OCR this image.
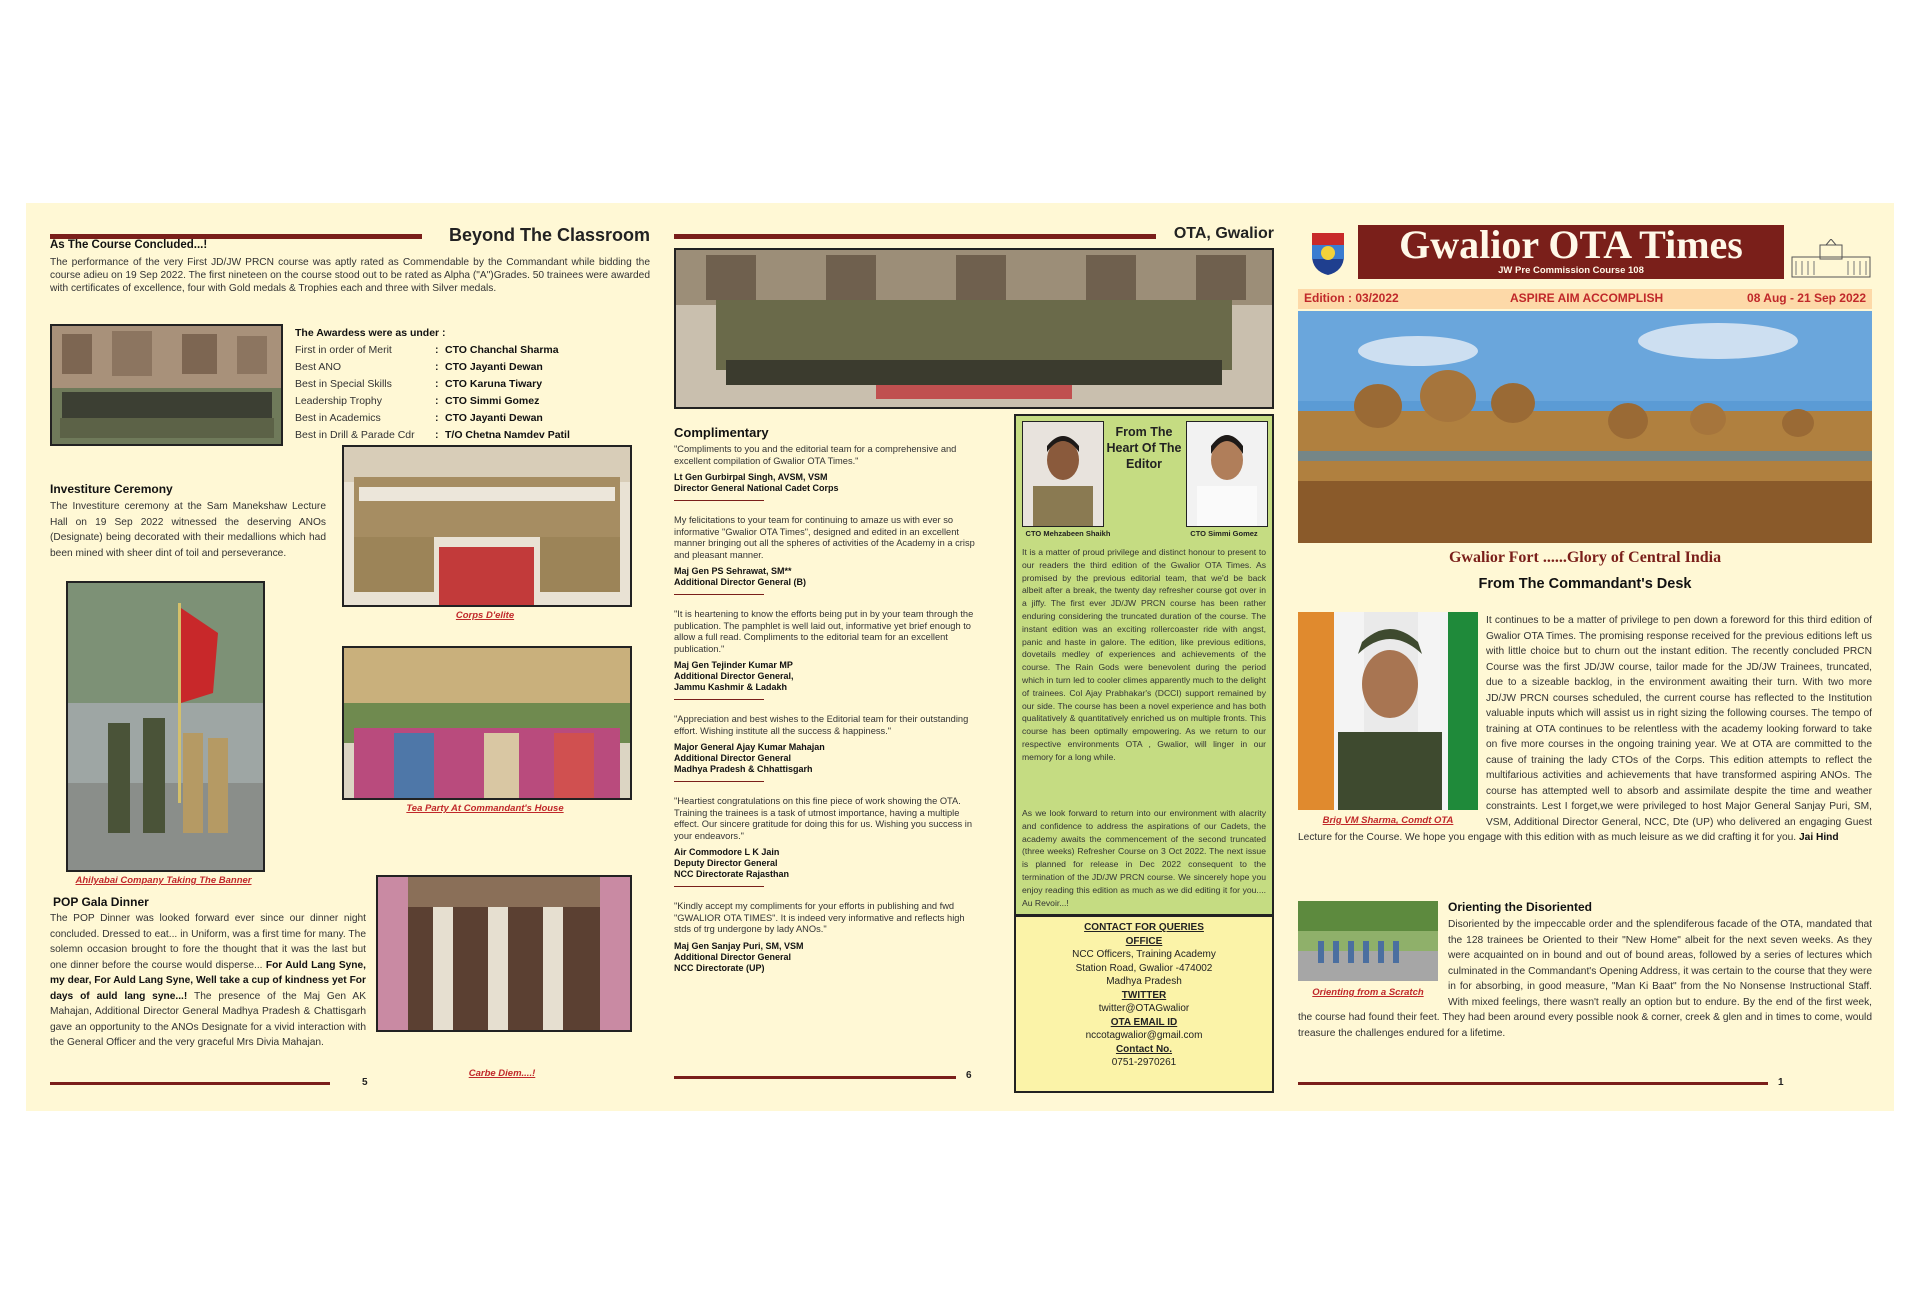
Beyond The Classroom
As The Course Concluded...!
The performance of the very First JD/JW PRCN course was aptly rated as Commendable by the Commandant while bidding the course adieu on 19 Sep 2022. The first nineteen on the course stood out to be rated as Alpha ("A")Grades. 50 trainees were awarded with certificates of excellence, four with Gold medals & Trophies each and three with Silver medals.
The Awardess were as under :
First in order of Merit	: CTO Chanchal Sharma
Best ANO	: CTO Jayanti Dewan
Best in Special Skills	: CTO Karuna Tiwary
Leadership Trophy	: CTO Simmi Gomez
Best in Academics	: CTO Jayanti Dewan
Best in Drill & Parade Cdr	: T/O Chetna Namdev Patil
Corps D'elite
Investiture Ceremony
The Investiture ceremony at the Sam Manekshaw Lecture Hall on 19 Sep 2022 witnessed the deserving ANOs (Designate) being decorated with their medallions which had been mined with sheer dint of toil and perseverance.
Ahilyabai Company Taking The Banner
Tea Party At Commandant's House
POP Gala Dinner
The POP Dinner was looked forward ever since our dinner night concluded. Dressed to eat... in Uniform, was a first time for many. The solemn occasion brought to fore the thought that it was the last but one dinner before the course would disperse... For Auld Lang Syne, my dear, For Auld Lang Syne, Well take a cup of kindness yet For days of auld lang syne...! The presence of the Maj Gen AK Mahajan, Additional Director General Madhya Pradesh & Chattisgarh gave an opportunity to the ANOs Designate for a vivid interaction with the General Officer and the very graceful Mrs Divia Mahajan.
Carbe Diem....!
5
OTA, Gwalior
Complimentary
"Compliments to you and the editorial team for a comprehensive and excellent compilation of Gwalior OTA Times."
Lt Gen Gurbirpal Singh, AVSM, VSM
Director General National Cadet Corps
My felicitations to your team for continuing to amaze us with ever so informative "Gwalior OTA Times", designed and edited in an excellent manner bringing out all the spheres of activities of the Academy in a crisp and pleasant manner.
Maj Gen PS Sehrawat, SM**
Additional Director General (B)
"It is heartening to know the efforts being put in by your team through the publication. The pamphlet is well laid out, informative yet brief enough to allow a full read. Compliments to the editorial team for an excellent publication."
Maj Gen Tejinder Kumar MP
Additional Director General,
Jammu Kashmir & Ladakh
"Appreciation and best wishes to the Editorial team for their outstanding effort. Wishing institute all the success & happiness."
Major General Ajay Kumar Mahajan
Additional Director General
Madhya Pradesh & Chhattisgarh
"Heartiest congratulations on this fine piece of work showing the OTA. Training the trainees is a task of utmost importance, having a multiple effect. Our sincere gratitude for doing this for us. Wishing you success in your endeavors."
Air Commodore L K Jain
Deputy Director General
NCC Directorate Rajasthan
"Kindly accept my compliments for your efforts in publishing and fwd "GWALIOR OTA TIMES". It is indeed very informative and reflects high stds of trg undergone by lady ANOs."
Maj Gen Sanjay Puri, SM, VSM
Additional Director General
NCC Directorate (UP)
From The Heart Of The Editor
CTO Mehzabeen Shaikh	CTO Simmi Gomez
It is a matter of proud privilege and distinct honour to present to our readers the third edition of the Gwalior OTA Times. As promised by the previous editorial team, that we'd be back albeit after a break, the twenty day refresher course got over in a jiffy. The first ever JD/JW PRCN course has been rather enduring considering the truncated duration of the course. The instant edition was an exciting rollercoaster ride with angst, panic and haste in galore. The edition, like previous editions, dovetails medley of experiences and achievements of the course. The Rain Gods were benevolent during the period which in turn led to cooler climes apparently much to the delight of trainees. Col Ajay Prabhakar's (DCCI) support remained by our side. The course has been a novel experience and has both qualitatively & quantitatively enriched us on multiple fronts. This course has been optimally empowering. As we return to our respective environments OTA , Gwalior, will linger in our memory for a long while.
As we look forward to return into our environment with alacrity and confidence to address the aspirations of our Cadets, the academy awaits the commencement of the second truncated (three weeks) Refresher Course on 3 Oct 2022. The next issue is planned for release in Dec 2022 consequent to the termination of the JD/JW PRCN course. We sincerely hope you enjoy reading this edition as much as we did editing it for you.... Au Revoir...!
CONTACT FOR QUERIES
OFFICE
NCC Officers, Training Academy
Station Road, Gwalior -474002
Madhya Pradesh
TWITTER
twitter@OTAGwalior
OTA EMAIL ID
nccotagwalior@gmail.com
Contact No.
0751-2970261
6
Gwalior OTA Times
JW Pre Commission Course 108
Edition : 03/2022	ASPIRE AIM ACCOMPLISH	08 Aug - 21 Sep 2022
Gwalior Fort ......Glory of Central India
From The Commandant's Desk
Brig VM Sharma, Comdt OTA
It continues to be a matter of privilege to pen down a foreword for this third edition of Gwalior OTA Times. The promising response received for the previous editions left us with little choice but to churn out the instant edition. The recently concluded PRCN Course was the first JD/JW course, tailor made for the JD/JW Trainees, truncated, due to a sizeable backlog, in the environment awaiting their turn. With two more JD/JW PRCN courses scheduled, the current course has reflected to the Institution valuable inputs which will assist us in right sizing the following courses. The tempo of training at OTA continues to be relentless with the academy looking forward to take on five more courses in the ongoing training year. We at OTA are committed to the cause of training the lady CTOs of the Corps. This edition attempts to reflect the multifarious activities and achievements that have transformed aspiring ANOs. The course has attempted well to absorb and assimilate despite the time and weather constraints. Lest I forget,we were privileged to host Major General Sanjay Puri, SM, VSM, Additional Director General, NCC, Dte (UP) who delivered an engaging Guest Lecture for the Course. We hope you engage with this edition with as much leisure as we did crafting it for you. Jai Hind
Orienting the Disoriented
Orienting from a Scratch
Disoriented by the impeccable order and the splendiferous facade of the OTA, mandated that the 128 trainees be Oriented to their "New Home" albeit for the next seven weeks. As they were acquainted on in bound and out of bound areas, followed by a series of lectures which culminated in the Commandant's Opening Address, it was certain to the course that they were in for absorbing, in good measure, "Man Ki Baat" from the No Nonsense Instructional Staff. With mixed feelings, there wasn't really an option but to endure. By the end of the first week, the course had found their feet. They had been around every possible nook & corner, creek & glen and in times to come, would treasure the challenges endured for a lifetime.
1
